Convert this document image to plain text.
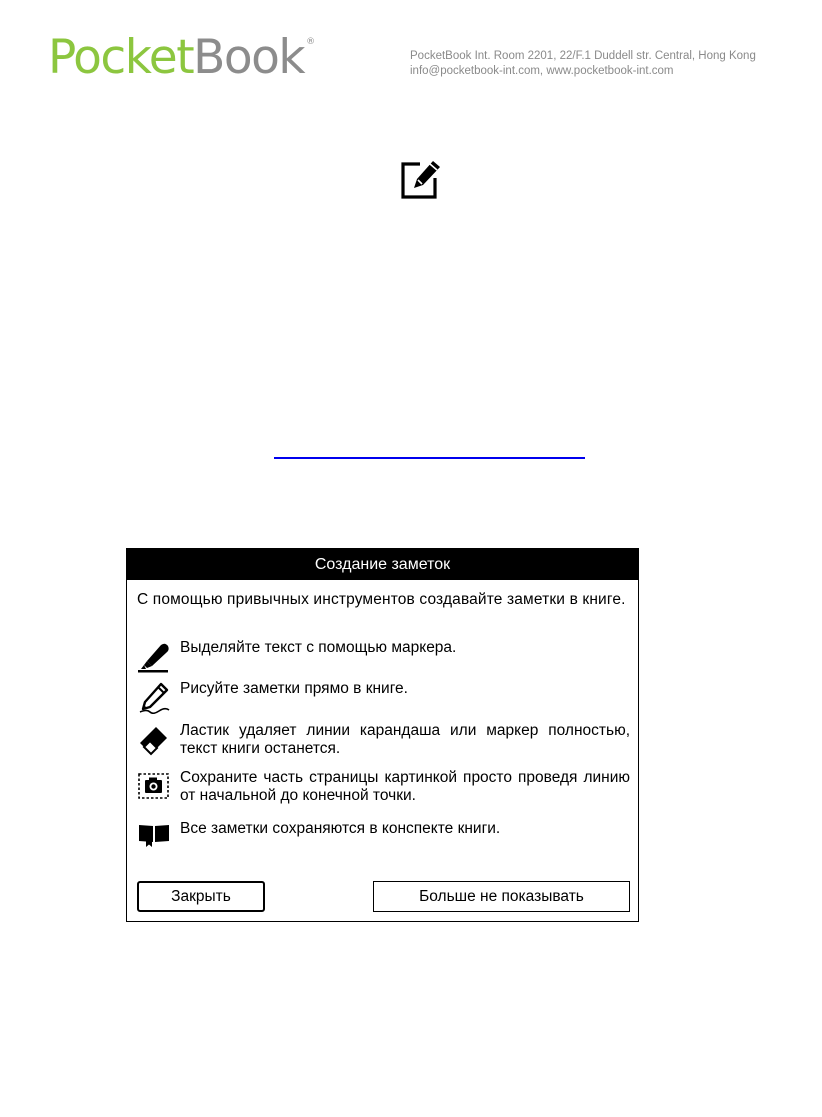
PocketBook ®
PocketBook Int. Room 2201, 22/F.1 Duddell str. Central, Hong Kong
info@pocketbook-int.com, www.pocketbook-int.com
Создание заметок
С помощью привычных инструментов создавайте заметки в книге.
Выделяйте текст с помощью маркера.
Рисуйте заметки прямо в книге.
Ластик удаляет линии карандаша или маркер полностью, текст книги останется.
Сохраните часть страницы картинкой просто проведя линию от начальной до конечной точки.
Все заметки сохраняются в конспекте книги.
Закрыть	Больше не показывать
